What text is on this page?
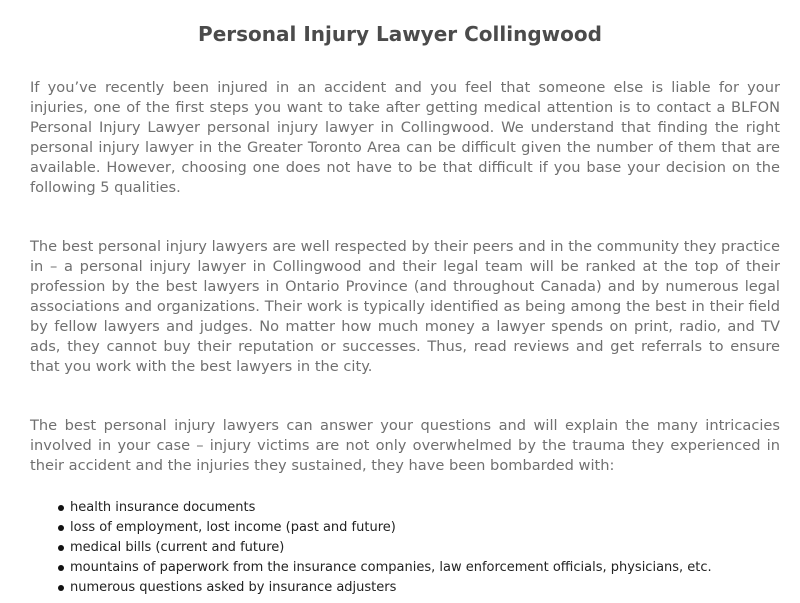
Personal Injury Lawyer Collingwood

If you’ve recently been injured in an accident and you feel that someone else is liable for your injuries, one of the first steps you want to take after getting medical attention is to contact a BLFON Personal Injury Lawyer personal injury lawyer in Collingwood. We understand that finding the right personal injury lawyer in the Greater Toronto Area can be difficult given the number of them that are available. However, choosing one does not have to be that difficult if you base your decision on the following 5 qualities.

The best personal injury lawyers are well respected by their peers and in the community they practice in – a personal injury lawyer in Collingwood and their legal team will be ranked at the top of their profession by the best lawyers in Ontario Province (and throughout Canada) and by numerous legal associations and organizations. Their work is typically identified as being among the best in their field by fellow lawyers and judges. No matter how much money a lawyer spends on print, radio, and TV ads, they cannot buy their reputation or successes. Thus, read reviews and get referrals to ensure that you work with the best lawyers in the city.

The best personal injury lawyers can answer your questions and will explain the many intricacies involved in your case – injury victims are not only overwhelmed by the trauma they experienced in their accident and the injuries they sustained, they have been bombarded with:

health insurance documents
loss of employment, lost income (past and future)
medical bills (current and future)
mountains of paperwork from the insurance companies, law enforcement officials, physicians, etc.
numerous questions asked by insurance adjusters
